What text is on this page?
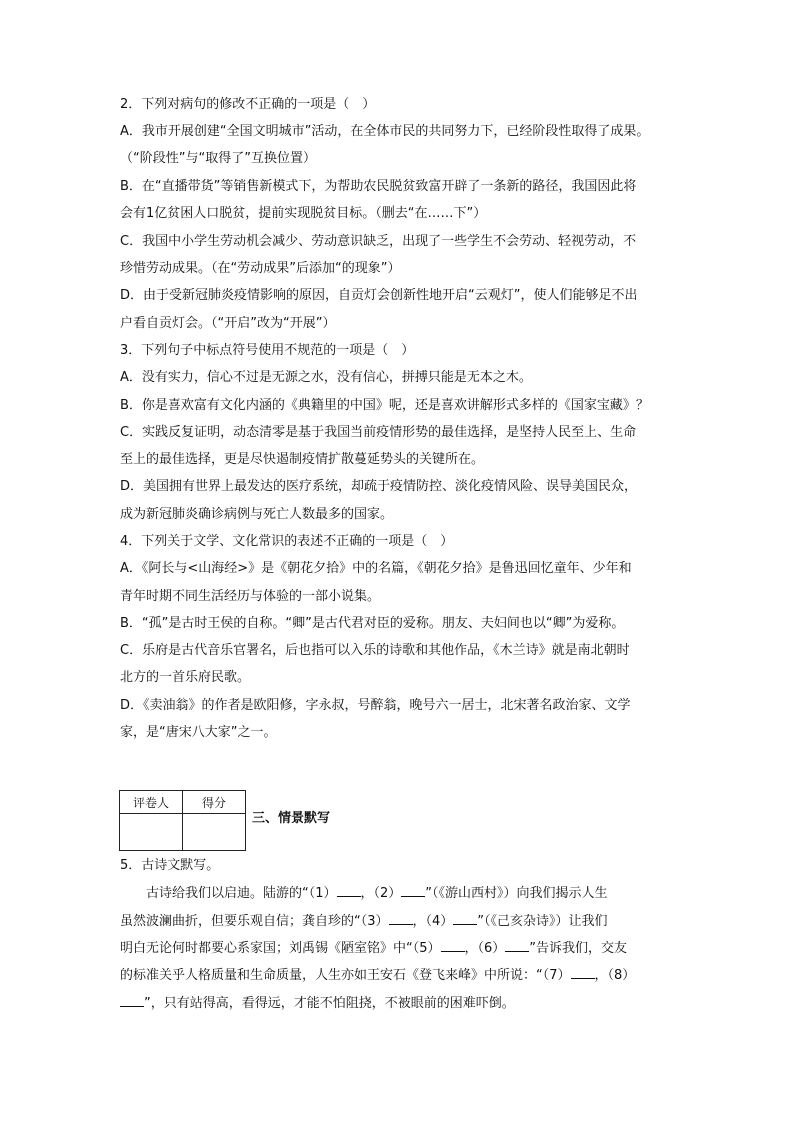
2．下列对病句的修改不正确的一项是（　）
A．我市开展创建“全国文明城市”活动，在全体市民的共同努力下，已经阶段性取得了成果。
（“阶段性”与“取得了”互换位置）
B．在“直播带货”等销售新模式下，为帮助农民脱贫致富开辟了一条新的路径，我国因此将
会有1亿贫困人口脱贫，提前实现脱贫目标。（删去“在……下”）
C．我国中小学生劳动机会减少、劳动意识缺乏，出现了一些学生不会劳动、轻视劳动，不
珍惜劳动成果。（在“劳动成果”后添加“的现象”）
D．由于受新冠肺炎疫情影响的原因，自贡灯会创新性地开启“云观灯”，使人们能够足不出
户看自贡灯会。（“开启”改为“开展”）
3．下列句子中标点符号使用不规范的一项是（　）
A．没有实力，信心不过是无源之水，没有信心，拼搏只能是无本之木。
B．你是喜欢富有文化内涵的《典籍里的中国》呢，还是喜欢讲解形式多样的《国家宝藏》？
C．实践反复证明，动态清零是基于我国当前疫情形势的最佳选择，是坚持人民至上、生命
至上的最佳选择，更是尽快遏制疫情扩散蔓延势头的关键所在。
D．美国拥有世界上最发达的医疗系统，却疏于疫情防控、淡化疫情风险、误导美国民众，
成为新冠肺炎确诊病例与死亡人数最多的国家。
4．下列关于文学、文化常识的表述不正确的一项是（　）
A．《阿长与<山海经>》是《朝花夕拾》中的名篇，《朝花夕拾》是鲁迅回忆童年、少年和
青年时期不同生活经历与体验的一部小说集。
B．“孤”是古时王侯的自称。“卿”是古代君对臣的爱称。朋友、夫妇间也以“卿”为爱称。
C．乐府是古代音乐官署名，后也指可以入乐的诗歌和其他作品，《木兰诗》就是南北朝时
北方的一首乐府民歌。
D．《卖油翁》的作者是欧阳修，字永叔，号醉翁，晚号六一居士，北宋著名政治家、文学
家，是“唐宋八大家”之一。
评卷人	得分

三、情景默写
5．古诗文默写。
古诗给我们以启迪。陆游的“（1） ，（2） ”（《游山西村》）向我们揭示人生
虽然波澜曲折，但要乐观自信；龚自珍的“（3） ，（4） ”（《己亥杂诗》）让我们
明白无论何时都要心系家国；刘禹锡《陋室铭》中“（5） ，（6） ”告诉我们，交友
的标准关乎人格质量和生命质量，人生亦如王安石《登飞来峰》中所说：“（7） ，（8）
”，只有站得高，看得远，才能不怕阻挠，不被眼前的困难吓倒。
